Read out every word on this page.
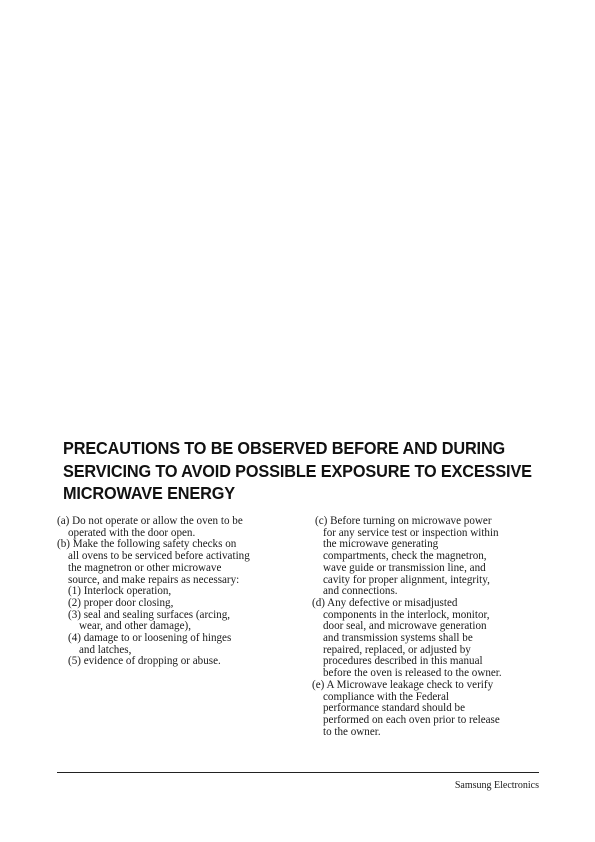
PRECAUTIONS TO BE OBSERVED BEFORE AND DURING
SERVICING TO AVOID POSSIBLE EXPOSURE TO EXCESSIVE
MICROWAVE ENERGY

(a) Do not operate or allow the oven to be
operated with the door open.

(b) Make the following safety checks on
all ovens to be serviced before activating
the magnetron or other microwave
source, and make repairs as necessary:

(1) Interlock operation,
(2) proper door closing,
(3) seal and sealing surfaces (arcing,
wear, and other damage),
(4) damage to or loosening of hinges
and latches,
(5) evidence of dropping or abuse.

(c) Before turning on microwave power
for any service test or inspection within
the microwave generating
compartments, check the magnetron,
wave guide or transmission line, and
cavity for proper alignment, integrity,
and connections.

(d) Any defective or misadjusted
components in the interlock, monitor,
door seal, and microwave generation
and transmission systems shall be
repaired, replaced, or adjusted by
procedures described in this manual
before the oven is released to the owner.

(e) A Microwave leakage check to verify
compliance with the Federal
performance standard should be
performed on each oven prior to release
to the owner.

Samsung Electronics
